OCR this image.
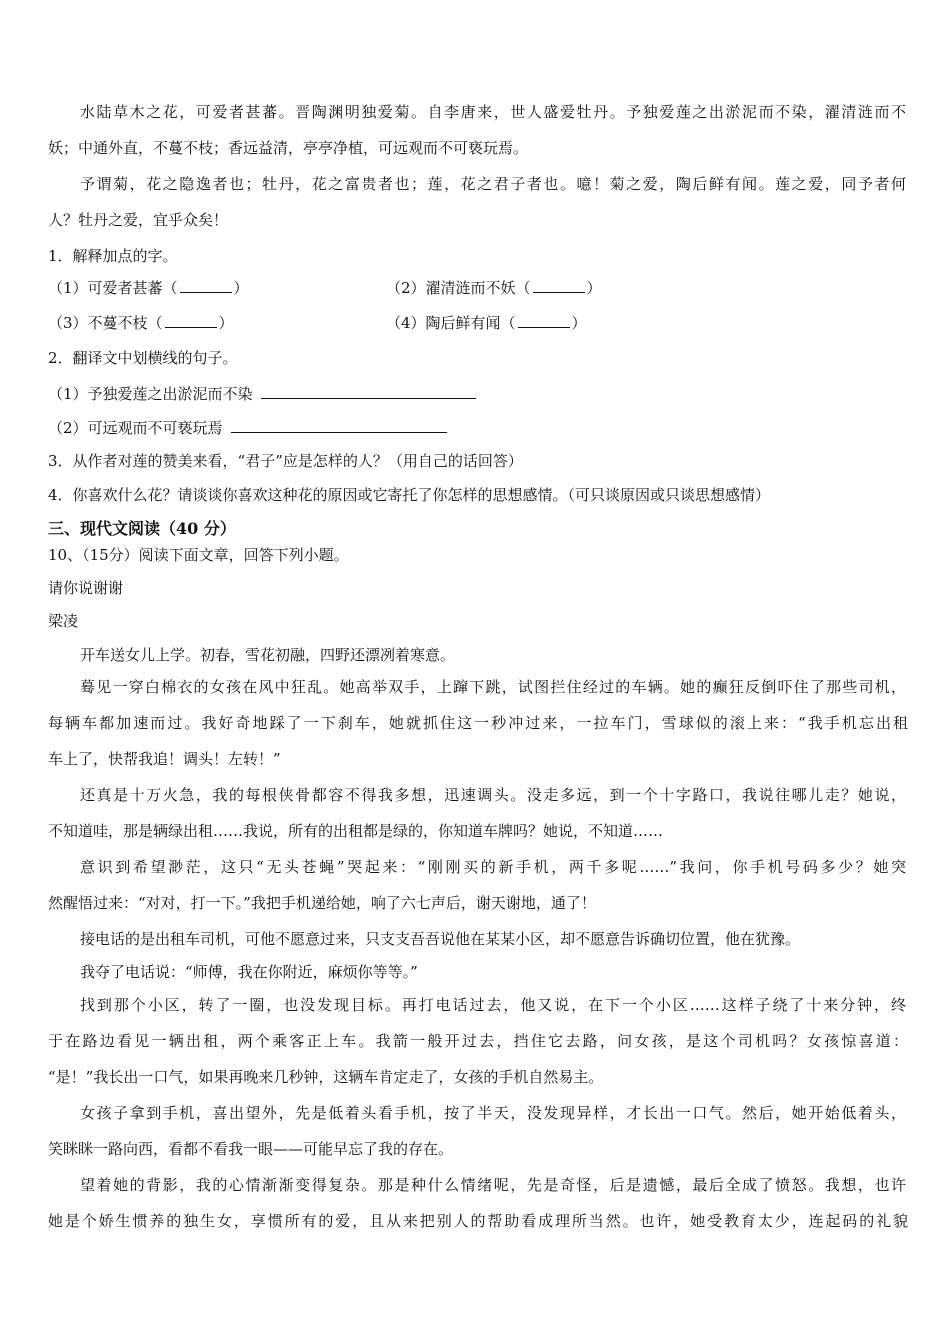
水陆草木之花，可爱者甚蕃。晋陶渊明独爱菊。自李唐来，世人盛爱牡丹。予独爱莲之出淤泥而不染，濯清涟而不
妖；中通外直，不蔓不枝；香远益清，亭亭净植，可远观而不可亵玩焉。
予谓菊，花之隐逸者也；牡丹，花之富贵者也；莲，花之君子者也。噫！菊之爱，陶后鲜有闻。莲之爱，同予者何
人？牡丹之爱，宜乎众矣！
1．解释加点的字。
（1）可爱者甚蕃（	）	（2）濯清涟而不妖（	）
（3）不蔓不枝（	）	（4）陶后鲜有闻（	）
2．翻译文中划横线的句子。
（1）予独爱莲之出淤泥而不染
（2）可远观而不可亵玩焉
3．从作者对莲的赞美来看，“君子”应是怎样的人？（用自己的话回答）
4．你喜欢什么花？请谈谈你喜欢这种花的原因或它寄托了你怎样的思想感情。（可只谈原因或只谈思想感情）
三、现代文阅读（40 分）
10、（15分）阅读下面文章，回答下列小题。
请你说谢谢
梁凌
开车送女儿上学。初春，雪花初融，四野还漂冽着寒意。
蓦见一穿白棉衣的女孩在风中狂乱。她高举双手，上蹿下跳，试图拦住经过的车辆。她的癫狂反倒吓住了那些司机，
每辆车都加速而过。我好奇地踩了一下刹车，她就抓住这一秒冲过来，一拉车门，雪球似的滚上来：“我手机忘出租
车上了，快帮我追！调头！左转！”
还真是十万火急，我的每根侠骨都容不得我多想，迅速调头。没走多远，到一个十字路口，我说往哪儿走？她说，
不知道哇，那是辆绿出租……我说，所有的出租都是绿的，你知道车牌吗？她说，不知道……
意识到希望渺茫，这只“无头苍蝇”哭起来：“刚刚买的新手机，两千多呢……”我问，你手机号码多少？她突
然醒悟过来：“对对，打一下。”我把手机递给她，响了六七声后，谢天谢地，通了！
接电话的是出租车司机，可他不愿意过来，只支支吾吾说他在某某小区，却不愿意告诉确切位置，他在犹豫。
我夺了电话说：“师傅，我在你附近，麻烦你等等。”
找到那个小区，转了一圈，也没发现目标。再打电话过去，他又说，在下一个小区……这样子绕了十来分钟，终
于在路边看见一辆出租，两个乘客正上车。我箭一般开过去，挡住它去路，问女孩，是这个司机吗？女孩惊喜道：
“是！”我长出一口气，如果再晚来几秒钟，这辆车肯定走了，女孩的手机自然易主。
女孩子拿到手机，喜出望外，先是低着头看手机，按了半天，没发现异样，才长出一口气。然后，她开始低着头，
笑眯眯一路向西，看都不看我一眼——可能早忘了我的存在。
望着她的背影，我的心情渐渐变得复杂。那是种什么情绪呢，先是奇怪，后是遗憾，最后全成了愤怒。我想，也许
她是个娇生惯养的独生女，享惯所有的爱，且从来把别人的帮助看成理所当然。也许，她受教育太少，连起码的礼貌
